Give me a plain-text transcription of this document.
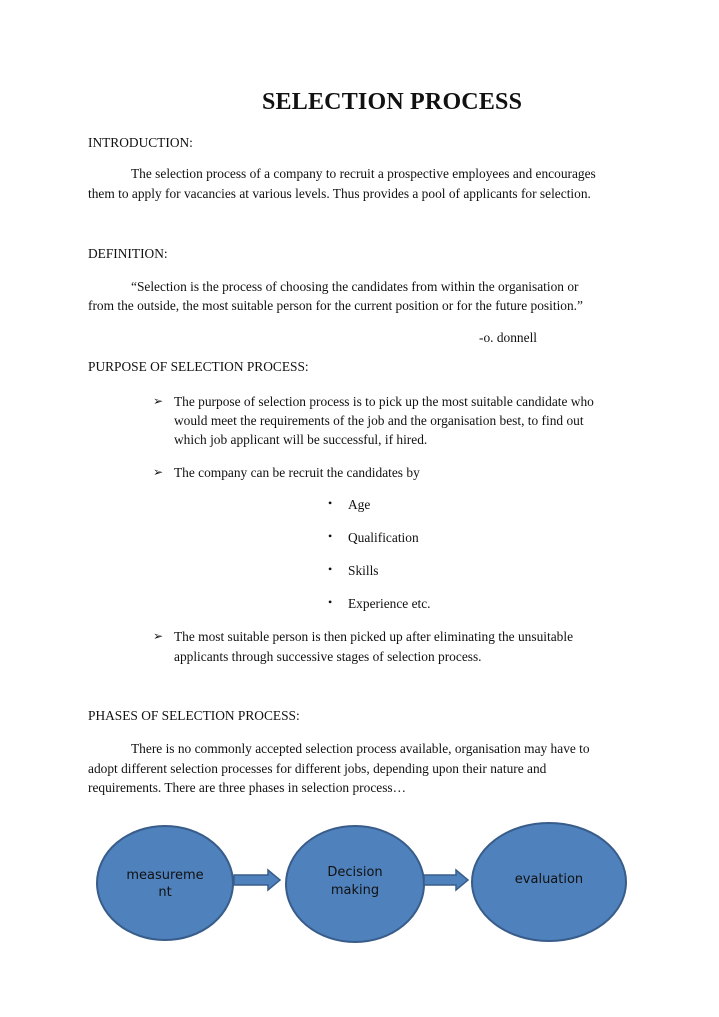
SELECTION PROCESS
INTRODUCTION:
The selection process of a company to recruit a prospective employees and encourages
them to apply for vacancies at various levels. Thus provides a pool of applicants for selection.
DEFINITION:
“Selection is the process of choosing the candidates from within the organisation or
from the outside, the most suitable person for the current position or for the future position.”
-o. donnell
PURPOSE OF SELECTION PROCESS:
➢ The purpose of selection process is to pick up the most suitable candidate who
would meet the requirements of the job and the organisation best, to find out
which job applicant will be successful, if hired.
➢ The company can be recruit the candidates by
• Age
• Qualification
• Skills
• Experience etc.
➢ The most suitable person is then picked up after eliminating the unsuitable
applicants through successive stages of selection process.
PHASES OF SELECTION PROCESS:
There is no commonly accepted selection process available, organisation may have to
adopt different selection processes for different jobs, depending upon their nature and
requirements. There are three phases in selection process…
measureme
nt
Decision
making
evaluation
